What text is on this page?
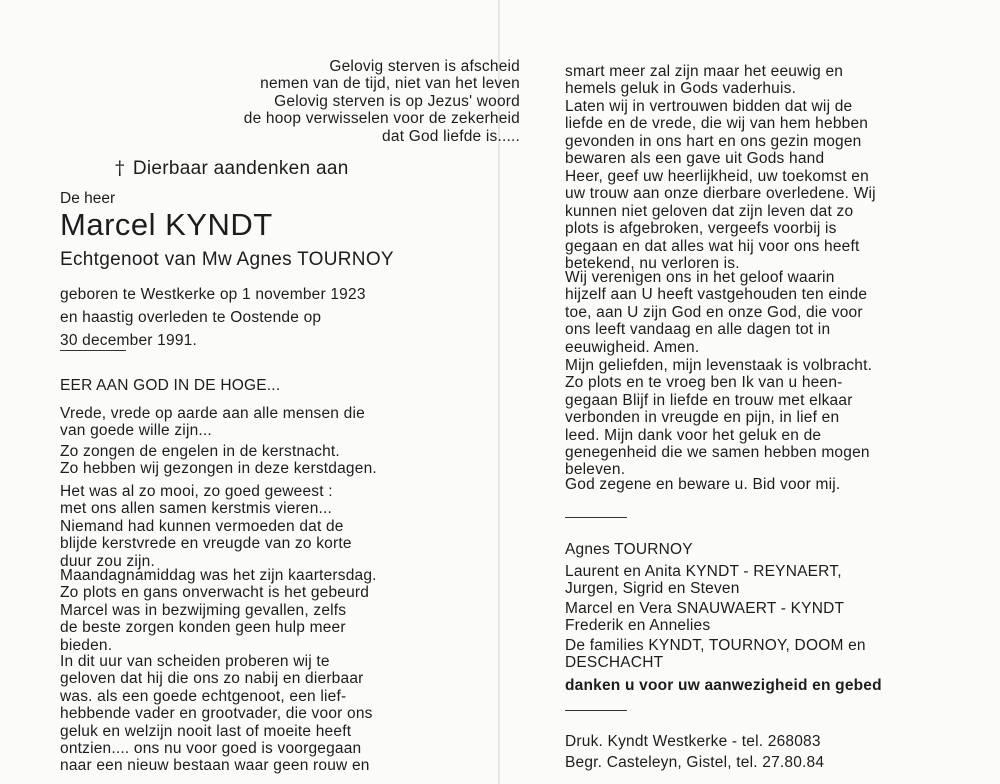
Gelovig sterven is afscheid
nemen van de tijd, niet van het leven
Gelovig sterven is op Jezus' woord
de hoop verwisselen voor de zekerheid
dat God liefde is.....
† Dierbaar aandenken aan
De heer
Marcel KYNDT
Echtgenoot van Mw Agnes TOURNOY
geboren te Westkerke op 1 november 1923
en haastig overleden te Oostende op
30 december 1991.
EER AAN GOD IN DE HOGE...
Vrede, vrede op aarde aan alle mensen die
van goede wille zijn...
Zo zongen de engelen in de kerstnacht.
Zo hebben wij gezongen in deze kerstdagen.
Het was al zo mooi, zo goed geweest :
met ons allen samen kerstmis vieren...
Niemand had kunnen vermoeden dat de
blijde kerstvrede en vreugde van zo korte
duur zou zijn.
Maandagnamiddag was het zijn kaartersdag.
Zo plots en gans onverwacht is het gebeurd
Marcel was in bezwijming gevallen, zelfs
de beste zorgen konden geen hulp meer
bieden.
In dit uur van scheiden proberen wij te
geloven dat hij die ons zo nabij en dierbaar
was. als een goede echtgenoot, een lief-
hebbende vader en grootvader, die voor ons
geluk en welzijn nooit last of moeite heeft
ontzien.... ons nu voor goed is voorgegaan
naar een nieuw bestaan waar geen rouw en
smart meer zal zijn maar het eeuwig en
hemels geluk in Gods vaderhuis.
Laten wij in vertrouwen bidden dat wij de
liefde en de vrede, die wij van hem hebben
gevonden in ons hart en ons gezin mogen
bewaren als een gave uit Gods hand
Heer, geef uw heerlijkheid, uw toekomst en
uw trouw aan onze dierbare overledene. Wij
kunnen niet geloven dat zijn leven dat zo
plots is afgebroken, vergeefs voorbij is
gegaan en dat alles wat hij voor ons heeft
betekend, nu verloren is.
Wij verenigen ons in het geloof waarin
hijzelf aan U heeft vastgehouden ten einde
toe, aan U zijn God en onze God, die voor
ons leeft vandaag en alle dagen tot in
eeuwigheid. Amen.
Mijn geliefden, mijn levenstaak is volbracht.
Zo plots en te vroeg ben Ik van u heen-
gegaan Blijf in liefde en trouw met elkaar
verbonden in vreugde en pijn, in lief en
leed. Mijn dank voor het geluk en de
genegenheid die we samen hebben mogen
beleven.
God zegene en beware u. Bid voor mij.
Agnes TOURNOY
Laurent en Anita KYNDT - REYNAERT,
Jurgen, Sigrid en Steven
Marcel en Vera SNAUWAERT - KYNDT
Frederik en Annelies
De families KYNDT, TOURNOY, DOOM en
DESCHACHT
danken u voor uw aanwezigheid en gebed
Druk. Kyndt Westkerke - tel. 268083
Begr. Casteleyn, Gistel, tel. 27.80.84
